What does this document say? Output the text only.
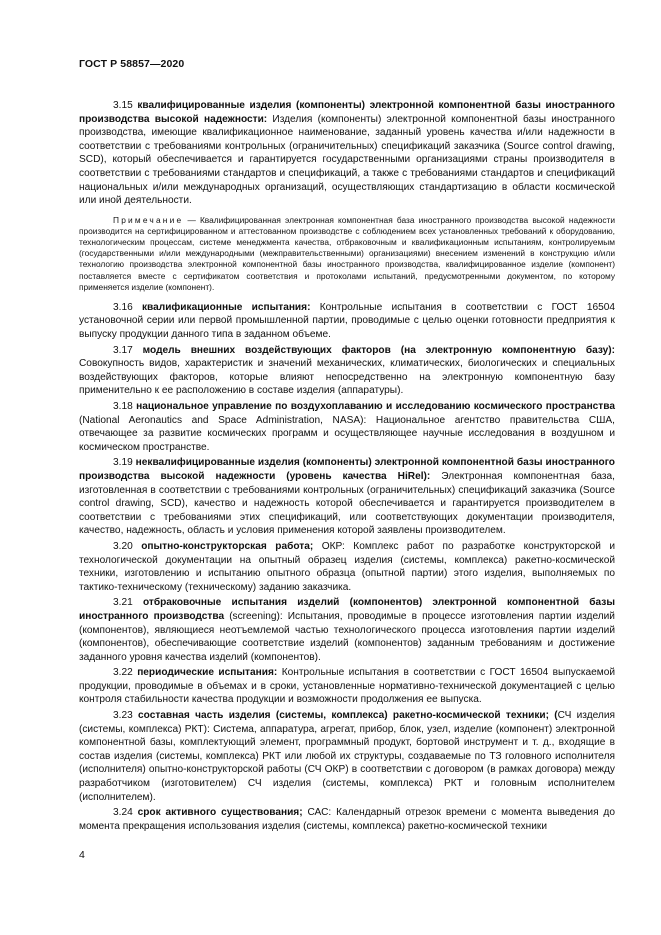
ГОСТ Р 58857—2020

3.15 квалифицированные изделия (компоненты) электронной компонентной базы иностранного производства высокой надежности: Изделия (компоненты) электронной компонентной базы иностранного производства, имеющие квалификационное наименование, заданный уровень качества и/или надежности в соответствии с требованиями контрольных (ограничительных) спецификаций заказчика (Source control drawing, SCD), который обеспечивается и гарантируется государственными организациями страны производителя в соответствии с требованиями стандартов и спецификаций, а также с требованиями стандартов и спецификаций национальных и/или международных организаций, осуществляющих стандартизацию в области космической или иной деятельности.

Примечание — Квалифицированная электронная компонентная база иностранного производства высокой надежности производится на сертифицированном и аттестованном производстве с соблюдением всех установленных требований к оборудованию, технологическим процессам, системе менеджмента качества, отбраковочным и квалификационным испытаниям, контролируемым (государственными и/или международными (межправительственными) организациями) внесением изменений в конструкцию и/или технологию производства электронной компонентной базы иностранного производства, квалифицированное изделие (компонент) поставляется вместе с сертификатом соответствия и протоколами испытаний, предусмотренными документом, по которому применяется изделие (компонент).

3.16 квалификационные испытания: Контрольные испытания в соответствии с ГОСТ 16504 установочной серии или первой промышленной партии, проводимые с целью оценки готовности предприятия к выпуску продукции данного типа в заданном объеме.

3.17 модель внешних воздействующих факторов (на электронную компонентную базу): Совокупность видов, характеристик и значений механических, климатических, биологических и специальных воздействующих факторов, которые влияют непосредственно на электронную компонентную базу применительно к ее расположению в составе изделия (аппаратуры).

3.18 национальное управление по воздухоплаванию и исследованию космического пространства (National Aeronautics and Space Administration, NASA): Национальное агентство правительства США, отвечающее за развитие космических программ и осуществляющее научные исследования в воздушном и космическом пространстве.

3.19 неквалифицированные изделия (компоненты) электронной компонентной базы иностранного производства высокой надежности (уровень качества HiRel): Электронная компонентная база, изготовленная в соответствии с требованиями контрольных (ограничительных) спецификаций заказчика (Source control drawing, SCD), качество и надежность которой обеспечивается и гарантируется производителем в соответствии с требованиями этих спецификаций, или соответствующих документации производителя, качество, надежность, область и условия применения которой заявлены производителем.

3.20 опытно-конструкторская работа; ОКР: Комплекс работ по разработке конструкторской и технологической документации на опытный образец изделия (системы, комплекса) ракетно-космической техники, изготовлению и испытанию опытного образца (опытной партии) этого изделия, выполняемых по тактико-техническому (техническому) заданию заказчика.

3.21 отбраковочные испытания изделий (компонентов) электронной компонентной базы иностранного производства (screening): Испытания, проводимые в процессе изготовления партии изделий (компонентов), являющиеся неотъемлемой частью технологического процесса изготовления партии изделий (компонентов), обеспечивающие соответствие изделий (компонентов) заданным требованиям и достижение заданного уровня качества изделий (компонентов).

3.22 периодические испытания: Контрольные испытания в соответствии с ГОСТ 16504 выпускаемой продукции, проводимые в объемах и в сроки, установленные нормативно-технической документацией с целью контроля стабильности качества продукции и возможности продолжения ее выпуска.

3.23 составная часть изделия (системы, комплекса) ракетно-космической техники; (СЧ изделия (системы, комплекса) РКТ): Система, аппаратура, агрегат, прибор, блок, узел, изделие (компонент) электронной компонентной базы, комплектующий элемент, программный продукт, бортовой инструмент и т. д., входящие в состав изделия (системы, комплекса) РКТ или любой их структуры, создаваемые по ТЗ головного исполнителя (исполнителя) опытно-конструкторской работы (СЧ ОКР) в соответствии с договором (в рамках договора) между разработчиком (изготовителем) СЧ изделия (системы, комплекса) РКТ и головным исполнителем (исполнителем).

3.24 срок активного существования; САС: Календарный отрезок времени с момента выведения до момента прекращения использования изделия (системы, комплекса) ракетно-космической техники

4
